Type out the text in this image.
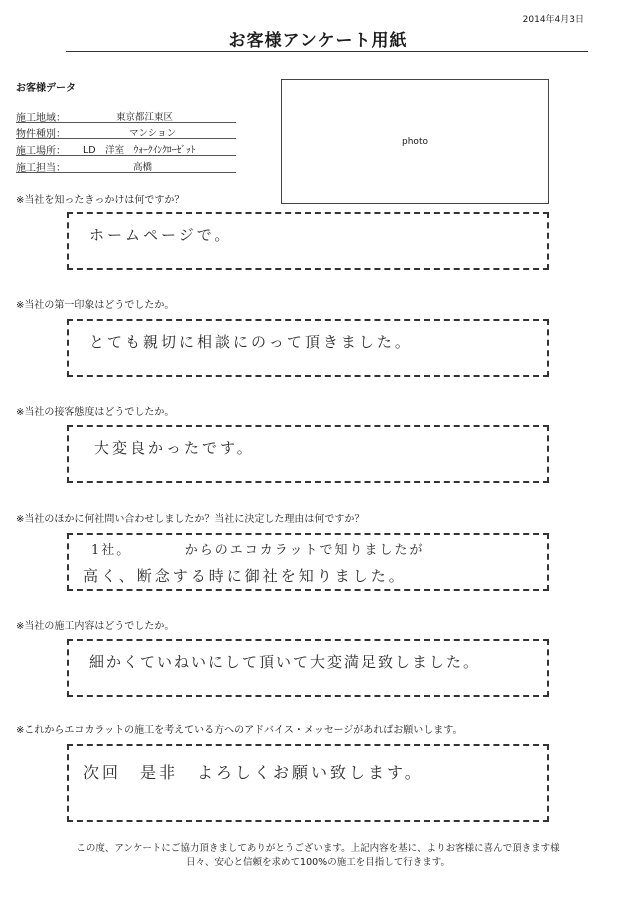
2014年4月3日
お客様アンケート用紙
お客様データ
施工地域：	東京都江東区
物件種別：	マンション
施工場所： LD　洋室　ｳｫｰｸｲﾝｸﾛｰｾﾞｯﾄ
施工担当：	高橋
photo
※当社を知ったきっかけは何ですか？
ホームページで。
※当社の第一印象はどうでしたか。
とても親切に相談にのって頂きました。
※当社の接客態度はどうでしたか。
大変良かったです。
※当社のほかに何社問い合わせしましたか？当社に決定した理由は何ですか？
1社。　　　　からのエコカラットで知りましたが
高く、断念する時に御社を知りました。
※当社の施工内容はどうでしたか。
細かくていねいにして頂いて大変満足致しました。
※これからエコカラットの施工を考えている方へのアドバイス・メッセージがあればお願いします。
次回　是非　よろしくお願い致します。
この度、アンケートにご協力頂きましてありがとうございます。上記内容を基に、よりお客様に喜んで頂きます様
日々、安心と信頼を求めて100%の施工を目指して行きます。
